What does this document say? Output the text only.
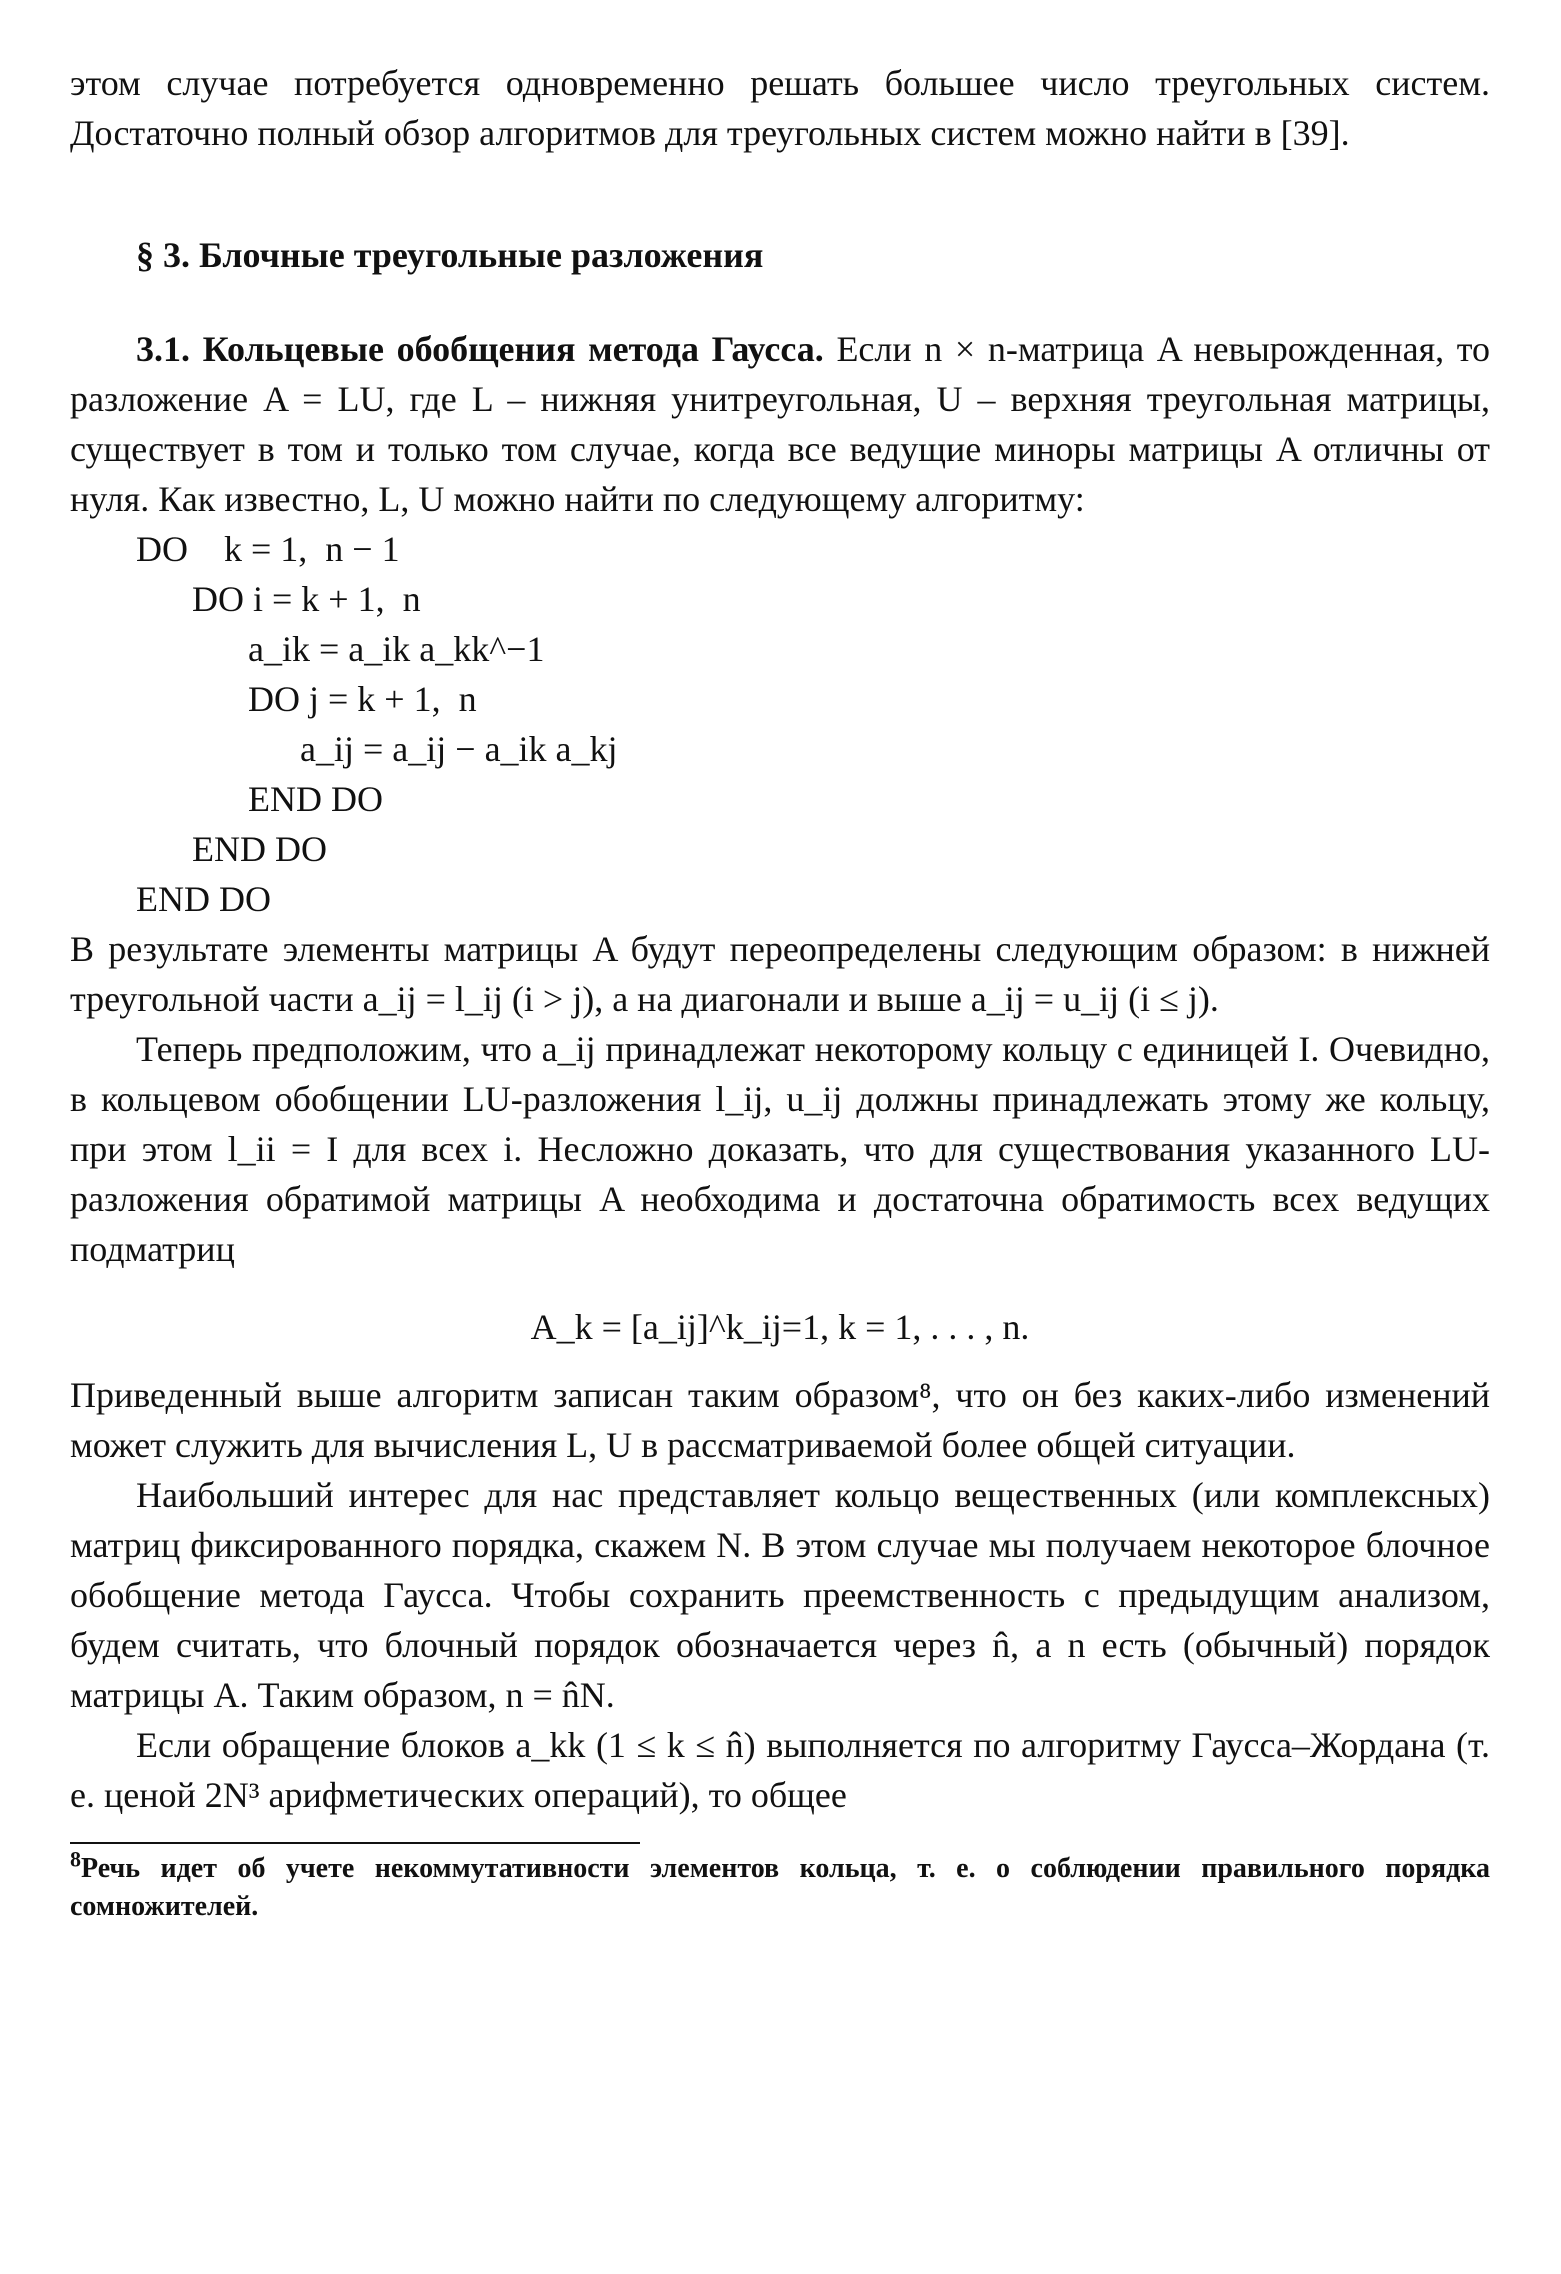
этом случае потребуется одновременно решать большее число треугольных систем. Достаточно полный обзор алгоритмов для треугольных систем можно найти в [39].

§ 3. Блочные треугольные разложения

3.1. Кольцевые обобщения метода Гаусса. Если n × n-матрица A невырожденная, то разложение A = LU, где L – нижняя унитреугольная, U – верхняя треугольная матрицы, существует в том и только том случае, когда все ведущие миноры матрицы A отличны от нуля. Как известно, L, U можно найти по следующему алгоритму:

DO    k = 1,  n − 1
DO i = k + 1,  n
a_ik = a_ik a_kk^−1
DO j = k + 1,  n
a_ij = a_ij − a_ik a_kj
END DO
END DO
END DO

В результате элементы матрицы A будут переопределены следующим образом: в нижней треугольной части a_ij = l_ij (i > j), а на диагонали и выше a_ij = u_ij (i ≤ j).

Теперь предположим, что a_ij принадлежат некоторому кольцу с единицей I. Очевидно, в кольцевом обобщении LU-разложения l_ij, u_ij должны принадлежать этому же кольцу, при этом l_ii = I для всех i. Несложно доказать, что для существования указанного LU-разложения обратимой матрицы A необходима и достаточна обратимость всех ведущих подматриц

A_k = [a_ij]^k_ij=1, k = 1, . . . , n.

Приведенный выше алгоритм записан таким образом⁸, что он без каких-либо изменений может служить для вычисления L, U в рассматриваемой более общей ситуации.

Наибольший интерес для нас представляет кольцо вещественных (или комплексных) матриц фиксированного порядка, скажем N. В этом случае мы получаем некоторое блочное обобщение метода Гаусса. Чтобы сохранить преемственность с предыдущим анализом, будем считать, что блочный порядок обозначается через n̂, а n есть (обычный) порядок матрицы A. Таким образом, n = n̂N.

Если обращение блоков a_kk (1 ≤ k ≤ n̂) выполняется по алгоритму Гаусса–Жордана (т. е. ценой 2N³ арифметических операций), то общее

$^8$Речь идет об учете некоммутативности элементов кольца, т. е. о соблюдении правильного порядка сомножителей.
